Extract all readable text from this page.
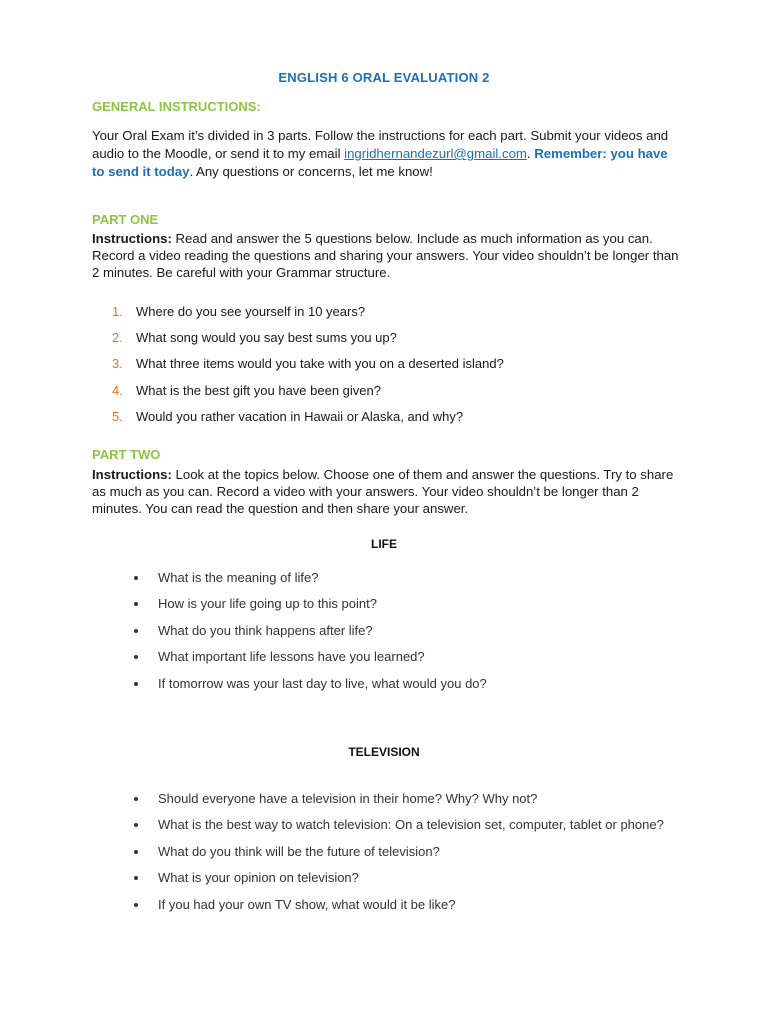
ENGLISH 6 ORAL EVALUATION 2
GENERAL INSTRUCTIONS:
Your Oral Exam it’s divided in 3 parts. Follow the instructions for each part. Submit your videos and audio to the Moodle, or send it to my email ingridhernandezurl@gmail.com. Remember: you have to send it today. Any questions or concerns, let me know!
PART ONE
Instructions: Read and answer the 5 questions below. Include as much information as you can. Record a video reading the questions and sharing your answers. Your video shouldn’t be longer than 2 minutes. Be careful with your Grammar structure.
1.	Where do you see yourself in 10 years?
2.	What song would you say best sums you up?
3.	What three items would you take with you on a deserted island?
4.	What is the best gift you have been given?
5.	Would you rather vacation in Hawaii or Alaska, and why?
PART TWO
Instructions: Look at the topics below. Choose one of them and answer the questions. Try to share as much as you can. Record a video with your answers. Your video shouldn’t be longer than 2 minutes. You can read the question and then share your answer.
LIFE
What is the meaning of life?
How is your life going up to this point?
What do you think happens after life?
What important life lessons have you learned?
If tomorrow was your last day to live, what would you do?
TELEVISION
Should everyone have a television in their home? Why? Why not?
What is the best way to watch television: On a television set, computer, tablet or phone?
What do you think will be the future of television?
What is your opinion on television?
If you had your own TV show, what would it be like?
